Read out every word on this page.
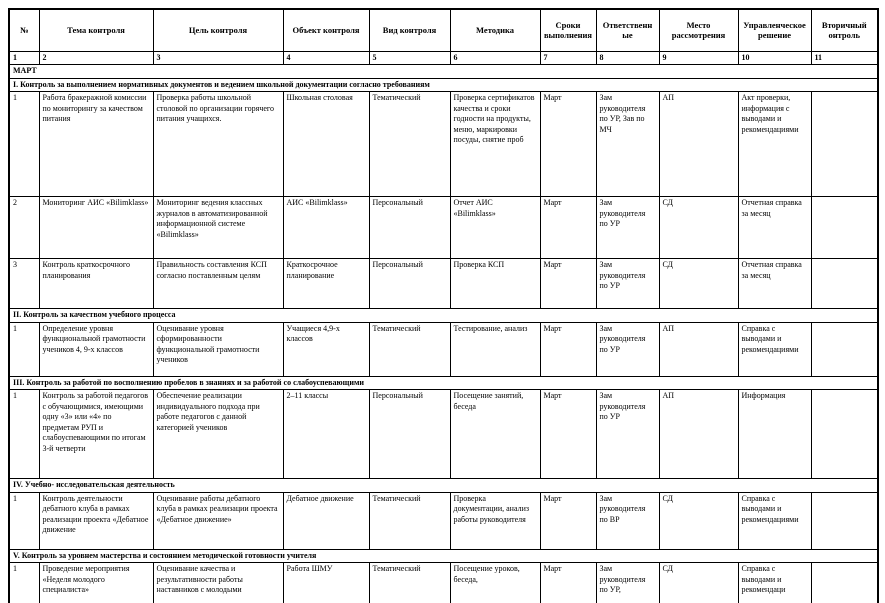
№	Тема контроля	Цель контроля	Объект контроля	Вид контроля	Методика	Сроки выполнения	Ответственные	Место рассмотрения	Управленческое решение	Вторичный онтроль
1	2	3	4	5	6	7	8	9	10	11
МАРТ										
I. Контроль за выполнением нормативных документов и ведением школьной документации согласно требованиям										
1	Работа бракеражной комиссии по мониторингу за качеством питания	Проверка работы школьной столовой по организации горячего питания учащихся.	Школьная столовая	Тематический	Проверка сертификатов качества и сроки годности на продукты, меню, маркировки посуды, снятие проб	Март	Зам руководителя по УР, Зав по МЧ	АП	Акт проверки, информация с выводами и рекомендациями	
2	Мониторинг АИС «Bilimklass»	Мониторинг ведения классных журналов в автоматизированной информационной системе «Bilimklass»	АИС «Bilimklass»	Персональный	Отчет АИС «Bilimklass»	Март	Зам руководителя по УР	СД	Отчетная справка за месяц	
3	Контроль краткосрочного планирования	Правильность составления КСП согласно поставленным целям	Краткосрочное планирование	Персональный	Проверка КСП	Март	Зам руководителя по УР	СД	Отчетная справка за месяц	
II. Контроль за качеством учебного процесса										
1	Определение уровня функциональной грамотности учеников 4, 9-х классов	Оценивание уровня сформированности функциональной грамотности учеников	Учащиеся 4,9-х классов	Тематический	Тестирование, анализ	Март	Зам руководителя по УР	АП	Справка с выводами и рекомендациями	
III. Контроль за работой по восполнению пробелов в знаниях и за работой со слабоуспевающими										
1	Контроль за работой педагогов с обучающимися, имеющими одну «3» или «4» по предметам РУП и слабоуспевающими по итогам 3-й четверти	Обеспечение реализации индивидуального подхода при работе педагогов с данной категорией учеников	2–11 классы	Персональный	Посещение занятий, беседа	Март	Зам руководителя по УР	АП	Информация	
IV. Учебно- исследовательская деятельность										
1	Контроль деятельности дебатного клуба в рамках реализации проекта «Дебатное движение	Оценивание работы дебатного клуба в рамках реализации проекта «Дебатное движение»	Дебатное движение	Тематический	Проверка документации, анализ работы руководителя	Март	Зам руководителя по ВР	СД	Справка с выводами и рекомендациями	
V. Контроль за уровнем мастерства и состоянием методической готовности учителя										
1	Проведение мероприятия «Неделя молодого специалиста»	Оценивание качества и результативности работы наставников с молодыми	Работа ШМУ	Тематический	Посещение уроков, беседа,	Март	Зам руководителя по УР,	СД	Справка с выводами и рекомендаци	
